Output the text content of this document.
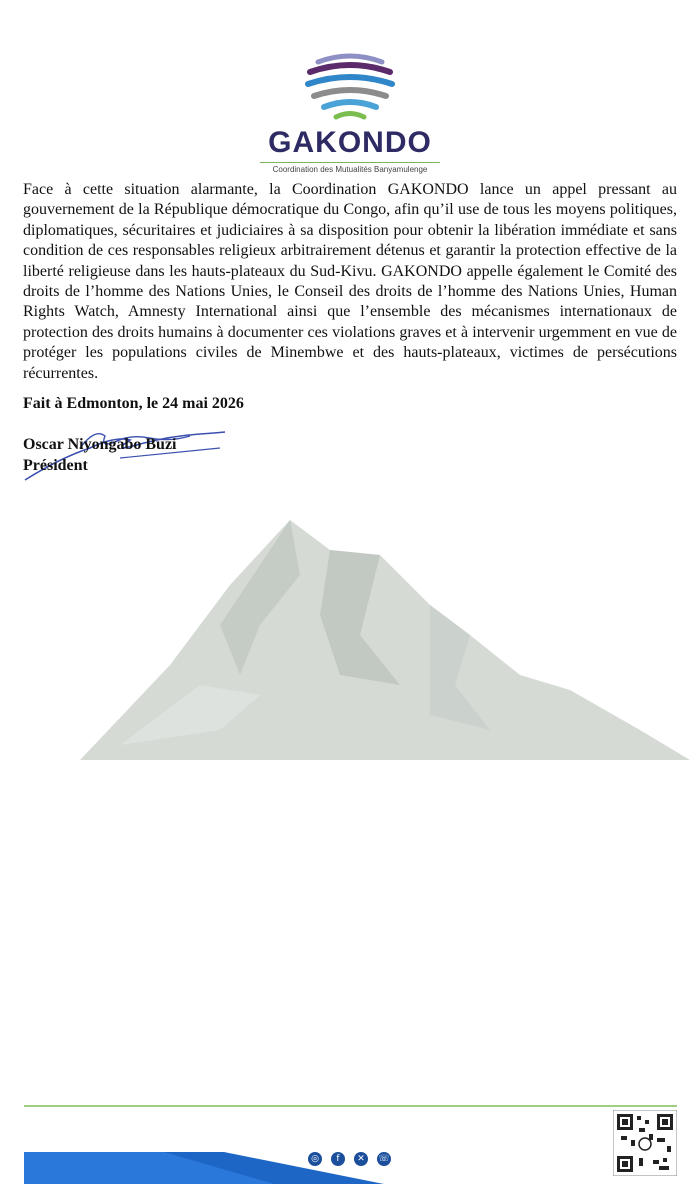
GAKONDO
Coordination des Mutualités Banyamulenge

Face à cette situation alarmante, la Coordination GAKONDO lance un appel pressant au gouvernement de la République démocratique du Congo, afin qu’il use de tous les moyens politiques, diplomatiques, sécuritaires et judiciaires à sa disposition pour obtenir la libération immédiate et sans condition de ces responsables religieux arbitrairement détenus et garantir la protection effective de la liberté religieuse dans les hauts-plateaux du Sud-Kivu. GAKONDO appelle également le Comité des droits de l’homme des Nations Unies, le Conseil des droits de l’homme des Nations Unies, Human Rights Watch, Amnesty International ainsi que l’ensemble des mécanismes internationaux de protection des droits humains à documenter ces violations graves et à intervenir urgemment en vue de protéger les populations civiles de Minembwe et des hauts-plateaux, victimes de persécutions récurrentes.

Fait à Edmonton, le 24 mai 2026
Oscar Niyongabo Buzi
Président
◎	f	✕	☏
